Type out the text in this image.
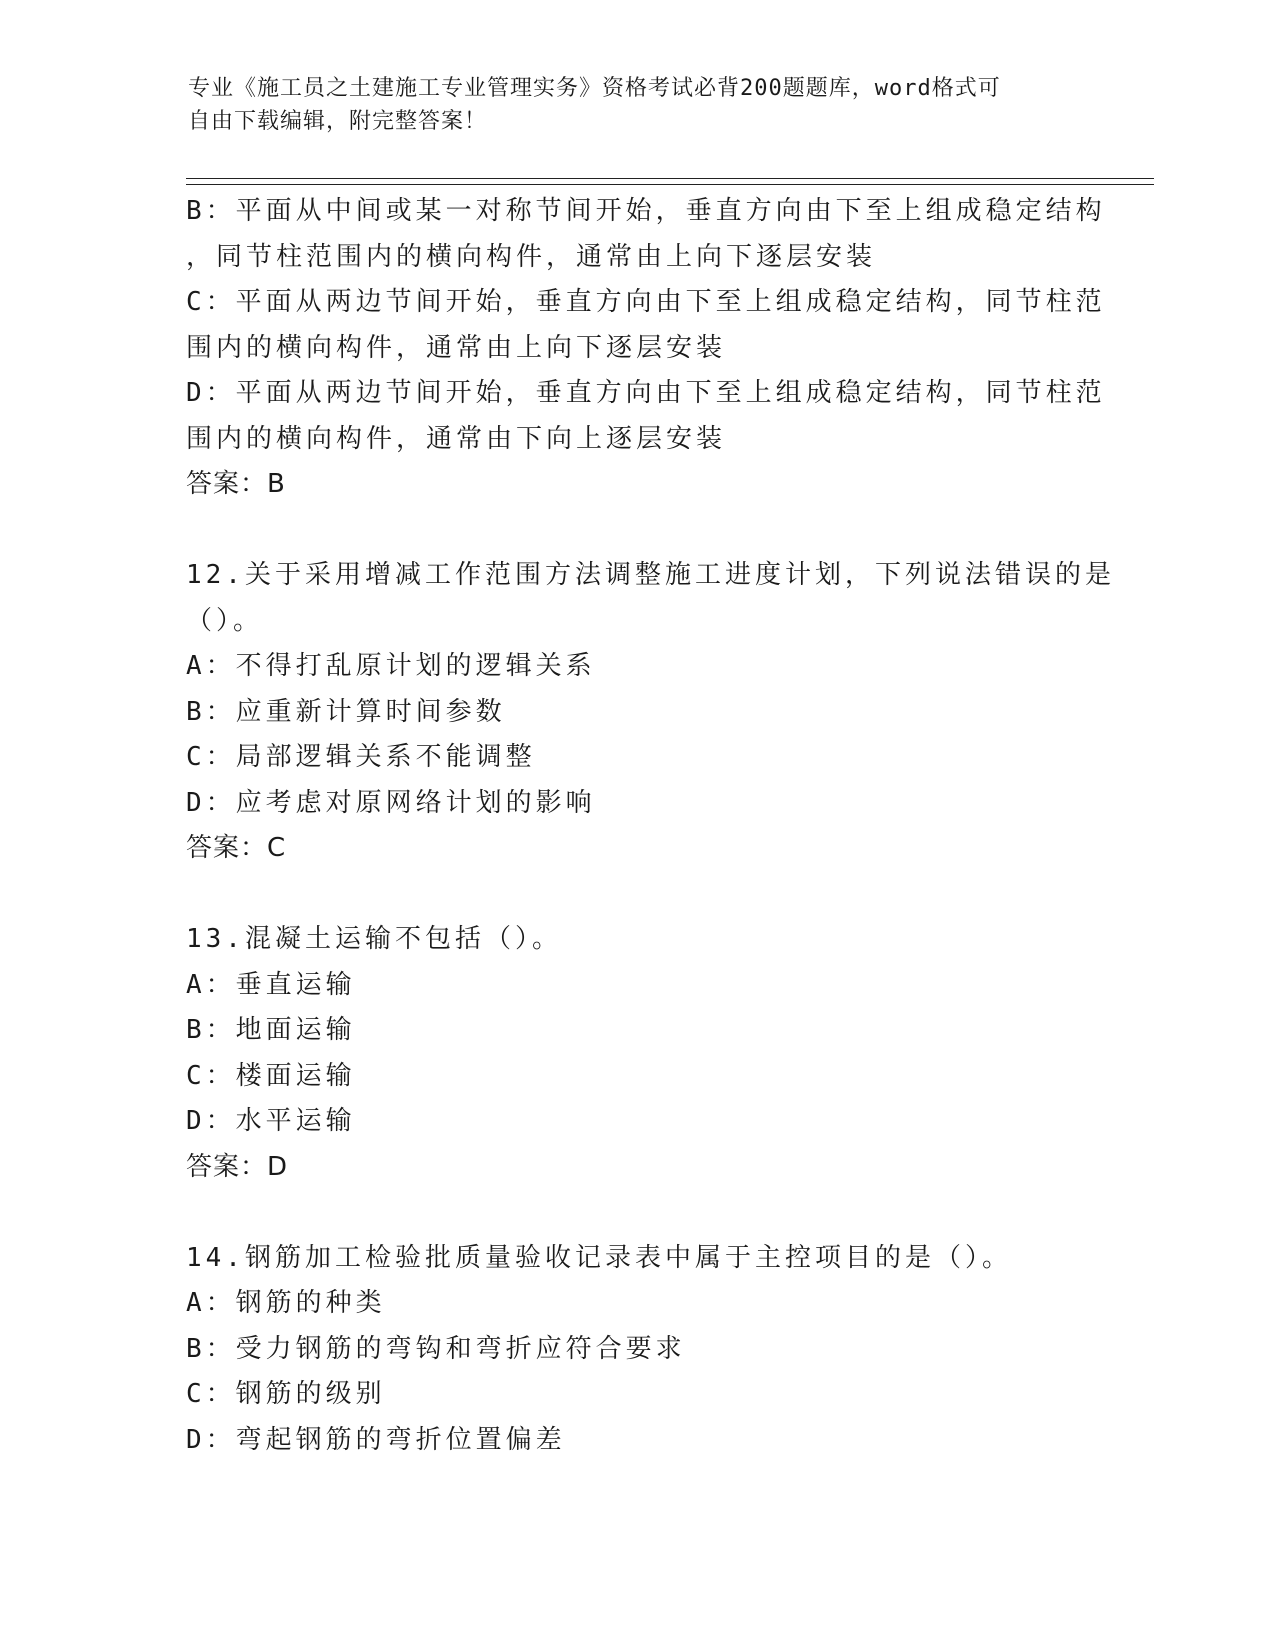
专业《施工员之土建施工专业管理实务》资格考试必背200题题库，word格式可
自由下载编辑，附完整答案！
B：平面从中间或某一对称节间开始，垂直方向由下至上组成稳定结构
，同节柱范围内的横向构件，通常由上向下逐层安装
C：平面从两边节间开始，垂直方向由下至上组成稳定结构，同节柱范
围内的横向构件，通常由上向下逐层安装
D：平面从两边节间开始，垂直方向由下至上组成稳定结构，同节柱范
围内的横向构件，通常由下向上逐层安装
答案：B
12.关于采用增减工作范围方法调整施工进度计划，下列说法错误的是
（）。
A：不得打乱原计划的逻辑关系
B：应重新计算时间参数
C：局部逻辑关系不能调整
D：应考虑对原网络计划的影响
答案：C
13.混凝土运输不包括（）。
A：垂直运输
B：地面运输
C：楼面运输
D：水平运输
答案：D
14.钢筋加工检验批质量验收记录表中属于主控项目的是（）。
A：钢筋的种类
B：受力钢筋的弯钩和弯折应符合要求
C：钢筋的级别
D：弯起钢筋的弯折位置偏差
